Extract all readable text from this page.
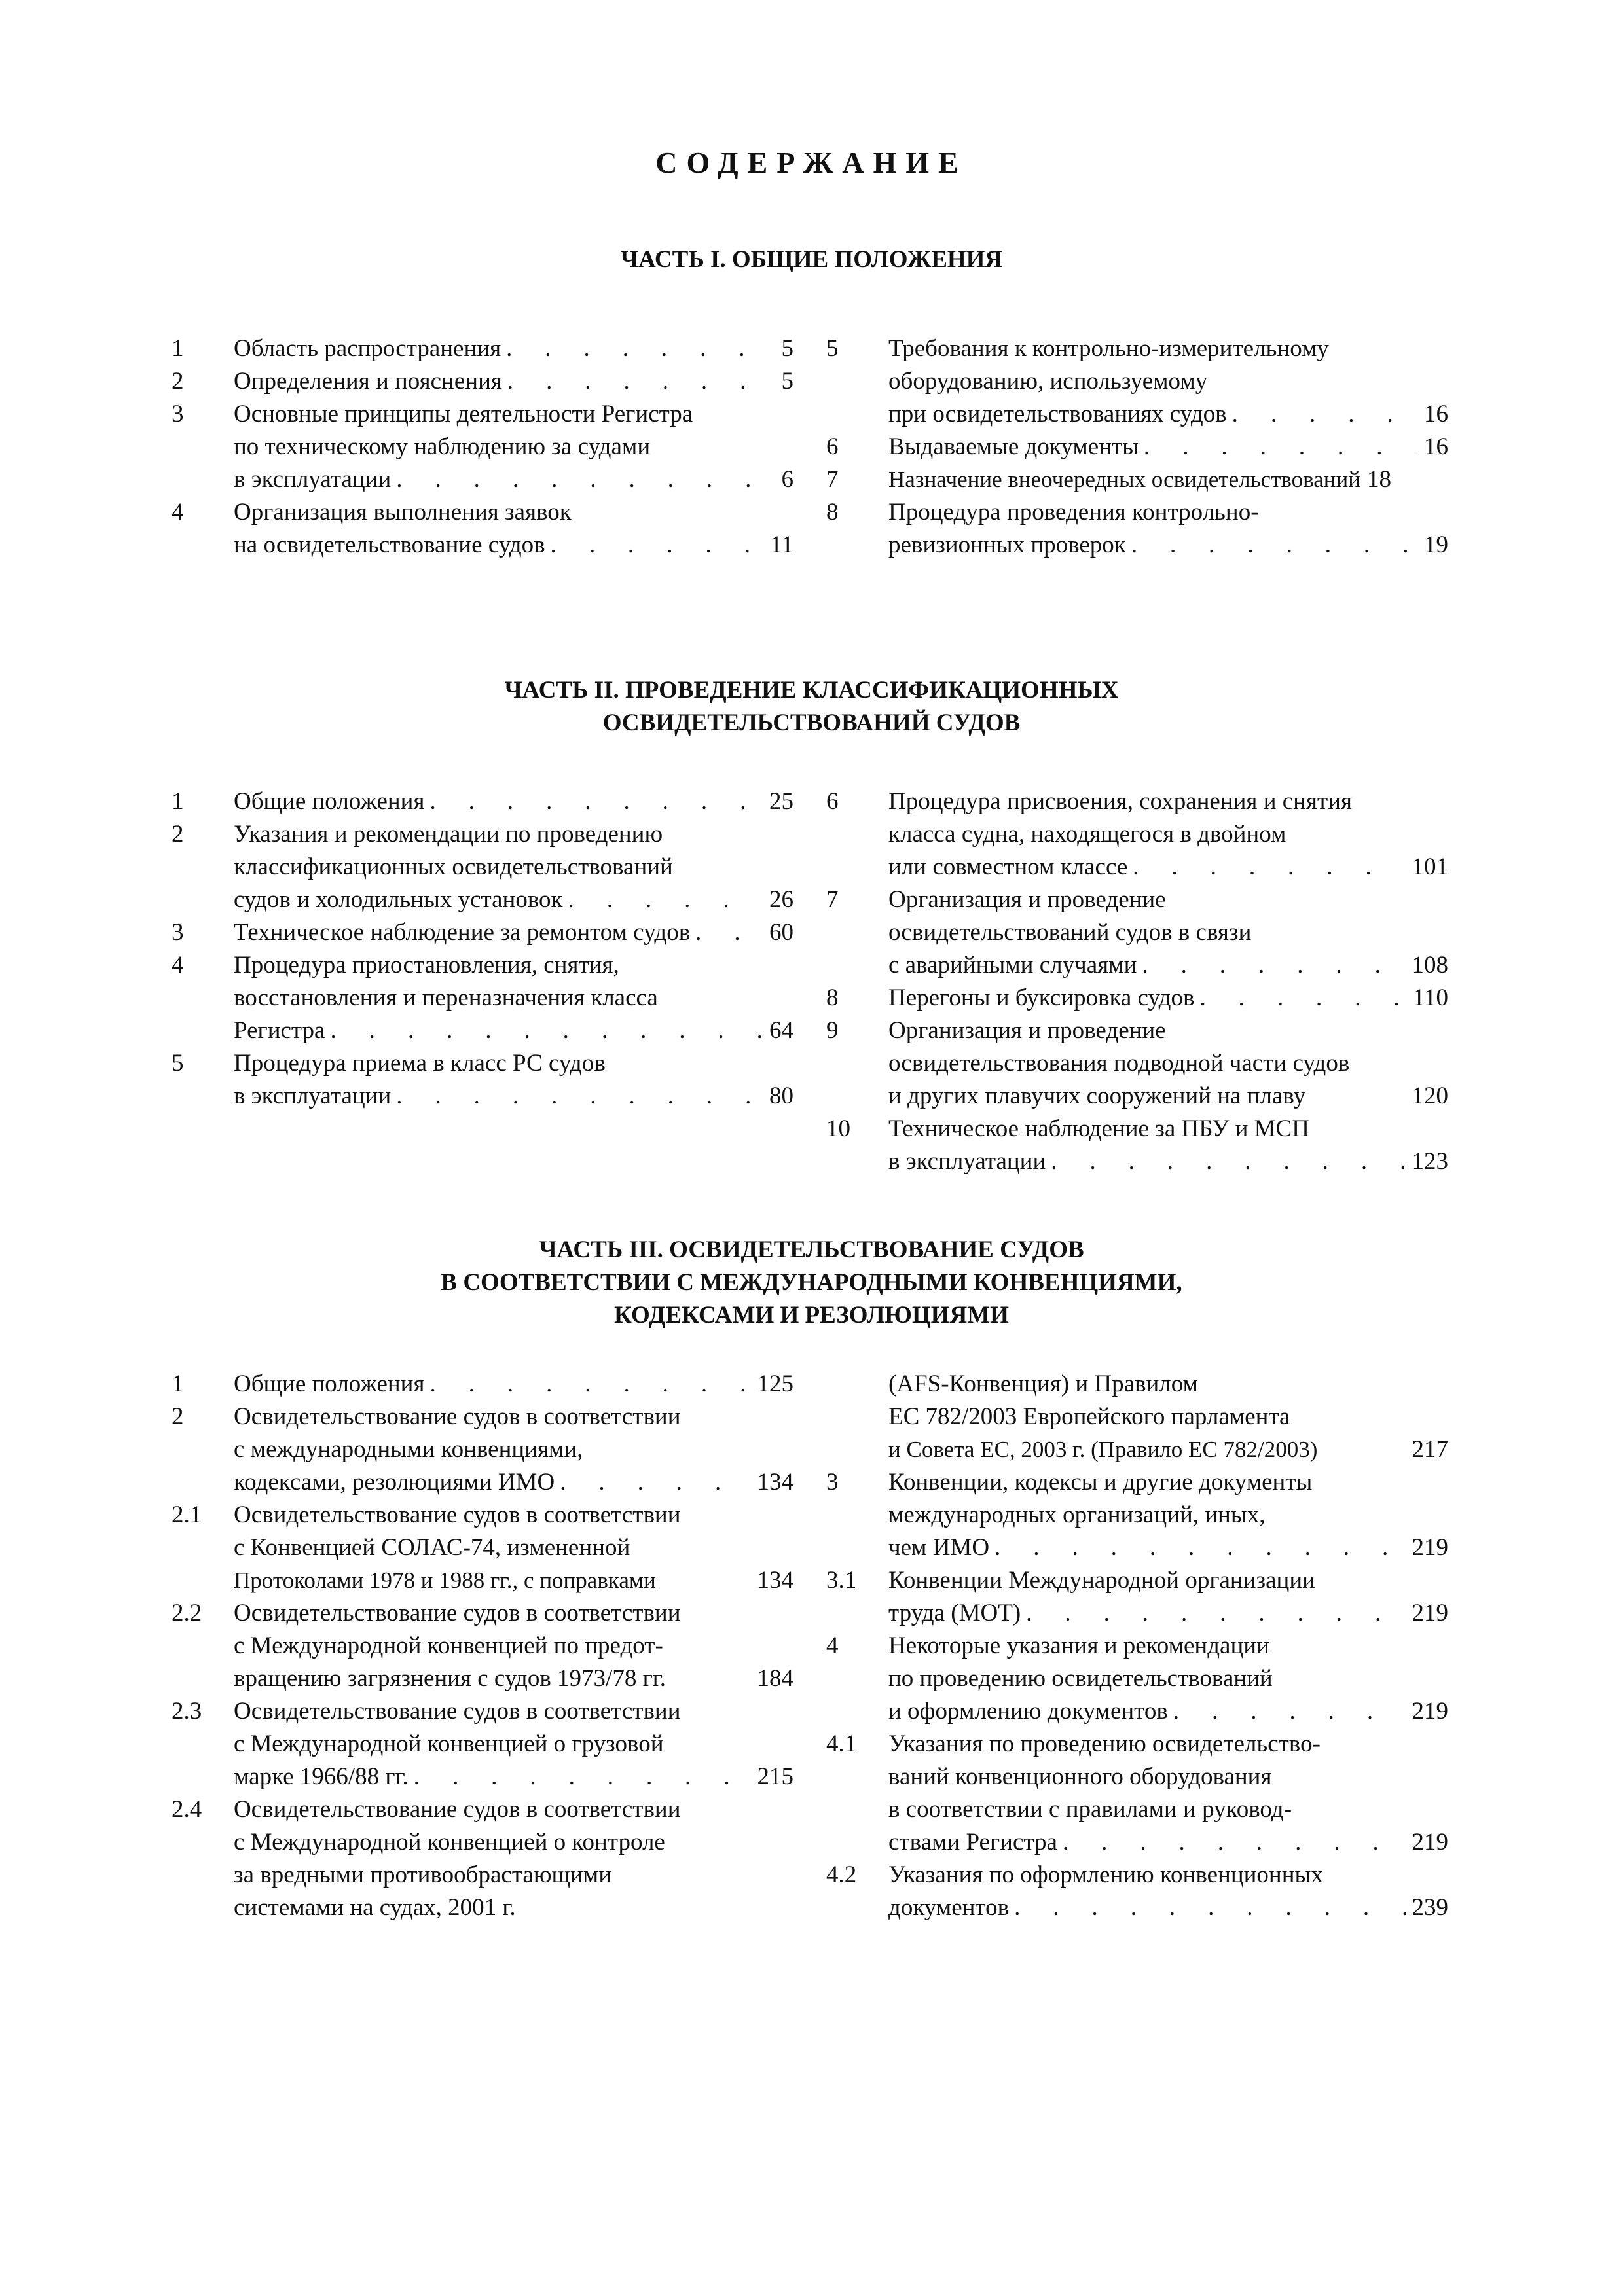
СОДЕРЖАНИЕ
ЧАСТЬ I. ОБЩИЕ ПОЛОЖЕНИЯ
1 Область распространения . . .	5
2 Определения и пояснения . . .	5
3 Основные принципы деятельности Регистра
по техническому наблюдению за судами
в эксплуатации . . .	6
4 Организация выполнения заявок
на освидетельствование судов . . .	11
5 Требования к контрольно-измерительному
оборудованию, используемому
при освидетельствованиях судов . . .	16
6 Выдаваемые документы . . .	16
7 Назначение внеочередных освидетельствований 18
8 Процедура проведения контрольно-
ревизионных проверок . . .	19
ЧАСТЬ II. ПРОВЕДЕНИЕ КЛАССИФИКАЦИОННЫХ
ОСВИДЕТЕЛЬСТВОВАНИЙ СУДОВ
1 Общие положения . . .	25
2 Указания и рекомендации по проведению
классификационных освидетельствований
судов и холодильных установок . . .	26
3 Техническое наблюдение за ремонтом судов . . .	60
4 Процедура приостановления, снятия,
восстановления и переназначения класса
Регистра . . .	64
5 Процедура приема в класс РС судов
в эксплуатации . . .	80
6 Процедура присвоения, сохранения и снятия
класса судна, находящегося в двойном
или совместном классе . . .	101
7 Организация и проведение
освидетельствований судов в связи
с аварийными случаями . . .	108
8 Перегоны и буксировка судов . . .	110
9 Организация и проведение
освидетельствования подводной части судов
и других плавучих сооружений на плаву	120
10 Техническое наблюдение за ПБУ и МСП
в эксплуатации . . .	123
ЧАСТЬ III. ОСВИДЕТЕЛЬСТВОВАНИЕ СУДОВ
В СООТВЕТСТВИИ С МЕЖДУНАРОДНЫМИ КОНВЕНЦИЯМИ,
КОДЕКСАМИ И РЕЗОЛЮЦИЯМИ
1 Общие положения . . .	125
2 Освидетельствование судов в соответствии
с международными конвенциями,
кодексами, резолюциями ИМО . . .	134
2.1 Освидетельствование судов в соответствии
с Конвенцией СОЛАС-74, измененной
Протоколами 1978 и 1988 гг., с поправками	134
2.2 Освидетельствование судов в соответствии
с Международной конвенцией по предот-
вращению загрязнения с судов 1973/78 гг.	184
2.3 Освидетельствование судов в соответствии
с Международной конвенцией о грузовой
марке 1966/88 гг. . . .	215
2.4 Освидетельствование судов в соответствии
с Международной конвенцией о контроле
за вредными противообрастающими
системами на судах, 2001 г.
(AFS-Конвенция) и Правилом
ЕС 782/2003 Европейского парламента
и Совета ЕС, 2003 г. (Правило ЕС 782/2003)	217
3 Конвенции, кодексы и другие документы
международных организаций, иных,
чем ИМО . . .	219
3.1 Конвенции Международной организации
труда (МОТ) . . .	219
4 Некоторые указания и рекомендации
по проведению освидетельствований
и оформлению документов . . .	219
4.1 Указания по проведению освидетельство-
ваний конвенционного оборудования
в соответствии с правилами и руковод-
ствами Регистра . . .	219
4.2 Указания по оформлению конвенционных
документов . . .	239
